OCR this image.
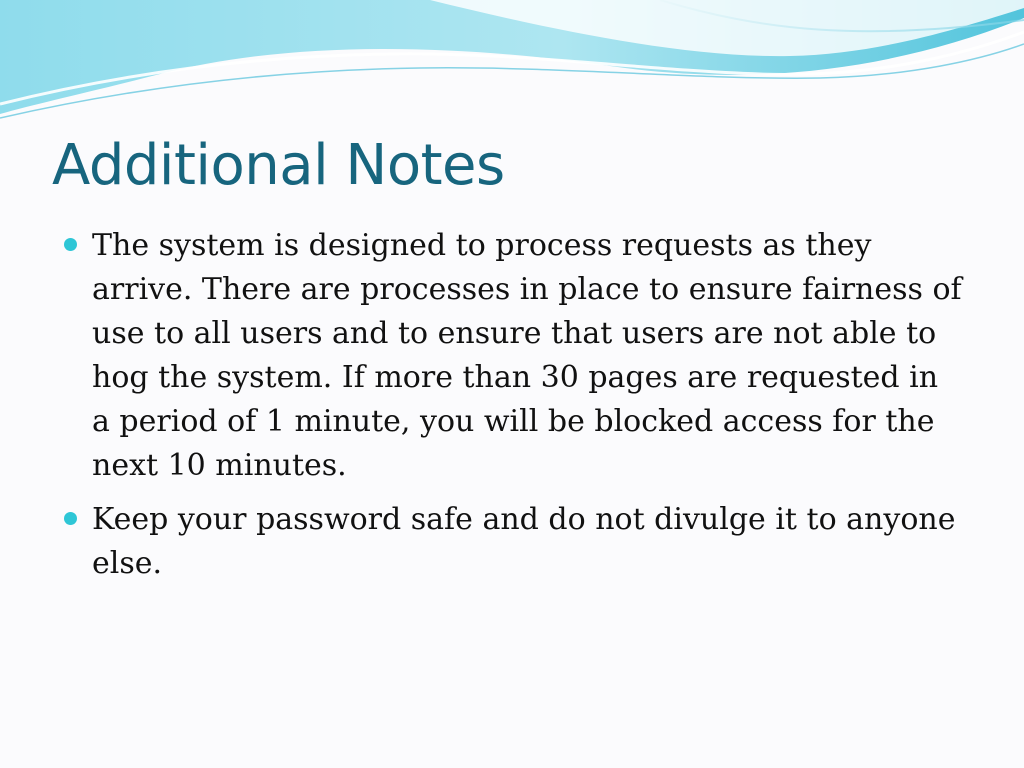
Additional Notes
The system is designed to process requests as they arrive. There are processes in place to ensure fairness of use to all users and to ensure that users are not able to hog the system. If more than 30 pages are requested in a period of 1 minute, you will be blocked access for the next 10 minutes.
Keep your password safe and do not divulge it to anyone else.
